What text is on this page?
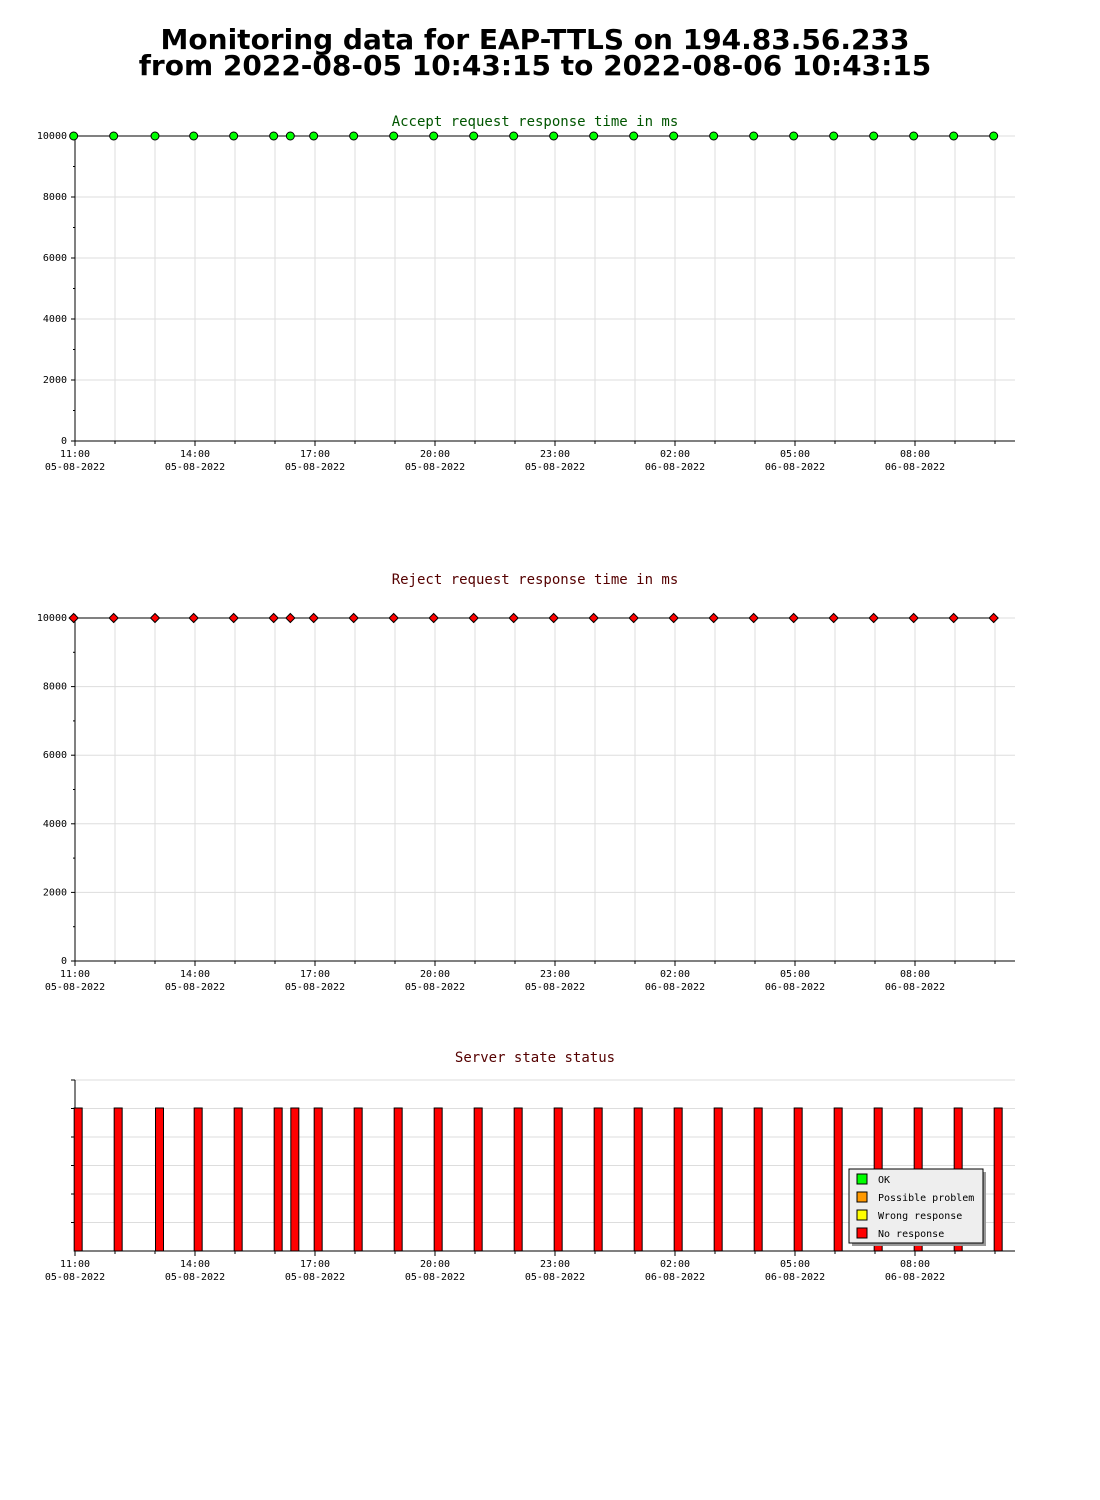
Monitoring data for EAP-TTLS on 194.83.56.233
from 2022-08-05 10:43:15 to 2022-08-06 10:43:15
Accept request response time in ms
0
2000
4000
6000
8000
10000
11:00
05-08-2022
14:00
05-08-2022
17:00
05-08-2022
20:00
05-08-2022
23:00
05-08-2022
02:00
06-08-2022
05:00
06-08-2022
08:00
06-08-2022
Reject request response time in ms
0
2000
4000
6000
8000
10000
11:00
05-08-2022
14:00
05-08-2022
17:00
05-08-2022
20:00
05-08-2022
23:00
05-08-2022
02:00
06-08-2022
05:00
06-08-2022
08:00
06-08-2022
Server state status
11:00
05-08-2022
14:00
05-08-2022
17:00
05-08-2022
20:00
05-08-2022
23:00
05-08-2022
02:00
06-08-2022
05:00
06-08-2022
08:00
06-08-2022
OK
Possible problem
Wrong response
No response
